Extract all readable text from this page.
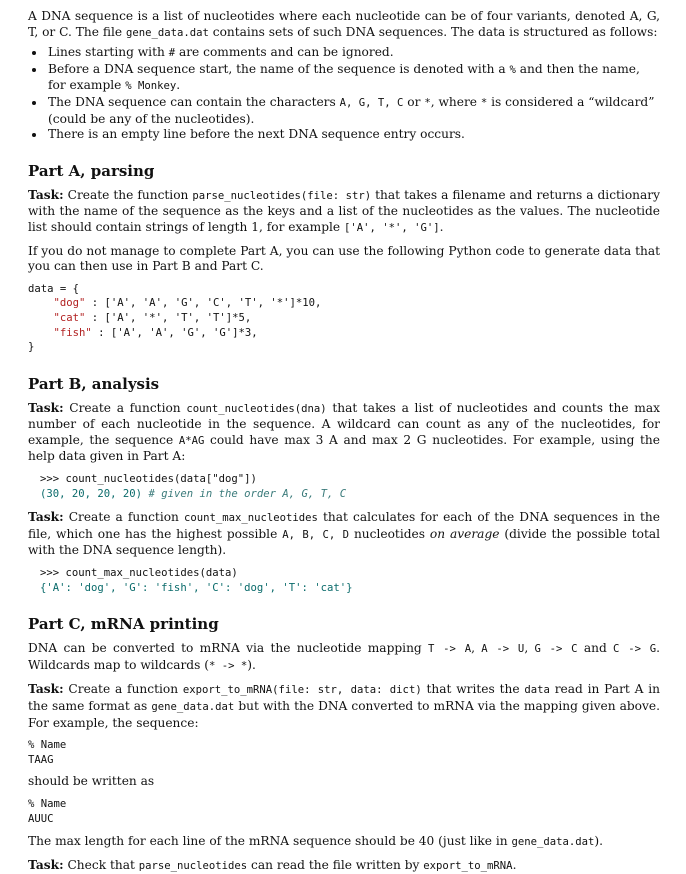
A DNA sequence is a list of nucleotides where each nucleotide can be of four variants, denoted A, G, T, or C. The file gene_data.dat contains sets of such DNA sequences. The data is structured as follows:

• Lines starting with # are comments and can be ignored.
• Before a DNA sequence start, the name of the sequence is denoted with a % and then the name, for example % Monkey.
• The DNA sequence can contain the characters A, G, T, C or *, where * is considered a “wildcard” (could be any of the nucleotides).
• There is an empty line before the next DNA sequence entry occurs.
Part A, parsing

Task: Create the function parse_nucleotides(file: str) that takes a filename and returns a dictionary with the name of the sequence as the keys and a list of the nucleotides as the values. The nucleotide list should contain strings of length 1, for example ['A', '*', 'G'].

If you do not manage to complete Part A, you can use the following Python code to generate data that you can then use in Part B and Part C.

data = {
"dog" : ['A', 'A', 'G', 'C', 'T', '*']*10,
"cat" : ['A', '*', 'T', 'T']*5,
"fish" : ['A', 'A', 'G', 'G']*3,
}
Part B, analysis

Task: Create a function count_nucleotides(dna) that takes a list of nucleotides and counts the max number of each nucleotide in the sequence. A wildcard can count as any of the nucleotides, for example, the sequence A*AG could have max 3 A and max 2 G nucleotides. For example, using the help data given in Part A:

>>> count_nucleotides(data["dog"])
(30, 20, 20, 20) # given in the order A, G, T, C

Task: Create a function count_max_nucleotides that calculates for each of the DNA sequences in the file, which one has the highest possible A, B, C, D nucleotides on average (divide the possible total with the DNA sequence length).

>>> count_max_nucleotides(data)
{'A': 'dog', 'G': 'fish', 'C': 'dog', 'T': 'cat'}
Part C, mRNA printing

DNA can be converted to mRNA via the nucleotide mapping T -> A, A -> U, G -> C and C -> G. Wildcards map to wildcards (* -> *).

Task: Create a function export_to_mRNA(file: str, data: dict) that writes the data read in Part A in the same format as gene_data.dat but with the DNA converted to mRNA via the mapping given above. For example, the sequence:

% Name
TAAG

should be written as

% Name
AUUC

The max length for each line of the mRNA sequence should be 40 (just like in gene_data.dat).

Task: Check that parse_nucleotides can read the file written by export_to_mRNA.
